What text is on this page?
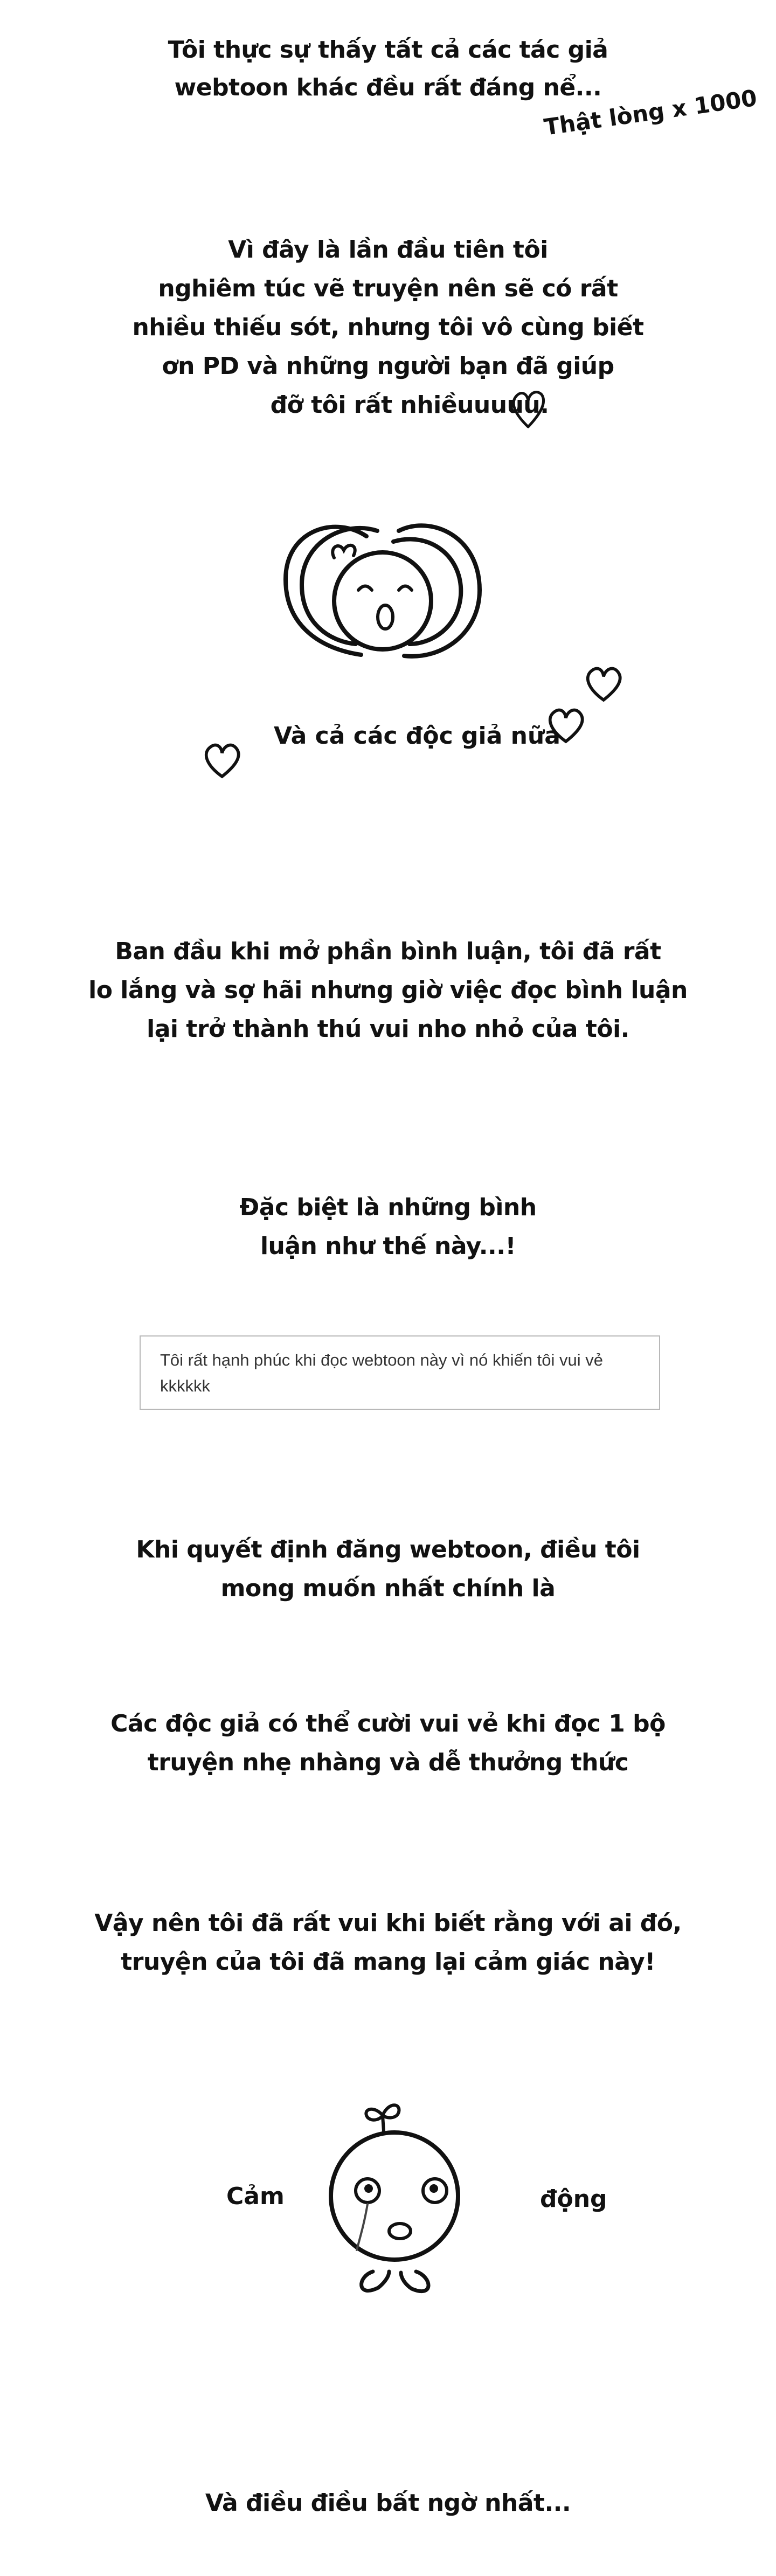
Tôi thực sự thấy tất cả các tác giả
webtoon khác đều rất đáng nể...
Thật lòng x 1000
Vì đây là lần đầu tiên tôi
nghiêm túc vẽ truyện nên sẽ có rất
nhiều thiếu sót, nhưng tôi vô cùng biết
ơn PD và những người bạn đã giúp
đỡ tôi rất nhiềuuuuu.
Và cả các độc giả nữa
Ban đầu khi mở phần bình luận, tôi đã rất
lo lắng và sợ hãi nhưng giờ việc đọc bình luận
lại trở thành thú vui nho nhỏ của tôi.
Đặc biệt là những bình
luận như thế này...!
Tôi rất hạnh phúc khi đọc webtoon này vì nó khiến tôi vui vẻ kkkkkk
Khi quyết định đăng webtoon, điều tôi
mong muốn nhất chính là
Các độc giả có thể cười vui vẻ khi đọc 1 bộ
truyện nhẹ nhàng và dễ thưởng thức
Vậy nên tôi đã rất vui khi biết rằng với ai đó,
truyện của tôi đã mang lại cảm giác này!
Cảm	động
Và điều điều bất ngờ nhất...
